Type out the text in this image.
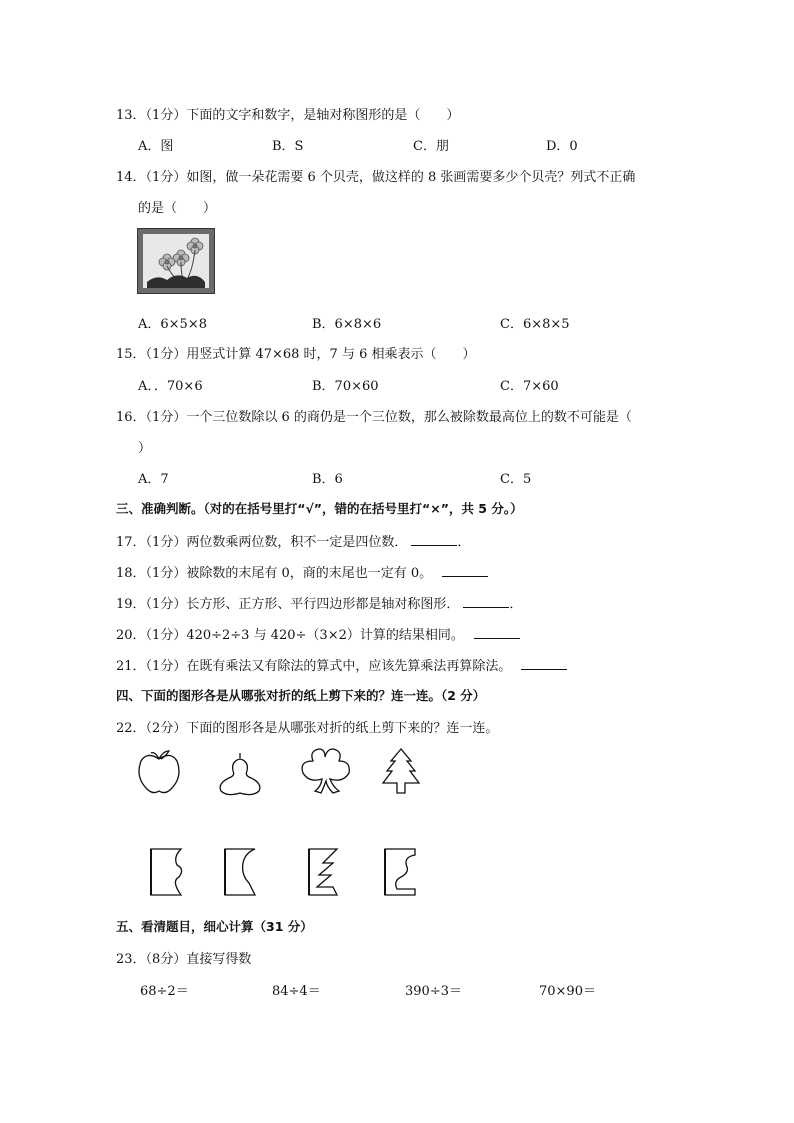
13．（1分）下面的文字和数字，是轴对称图形的是（　　）
A．图	B．S	C．朋	D．0
14．（1分）如图，做一朵花需要 6 个贝壳，做这样的 8 张画需要多少个贝壳？列式不正确
的是（　　）
A．6×5×8	B．6×8×6	C．6×8×5
15．（1分）用竖式计算 47×68 时，7 与 6 相乘表示（　　）
A．．70×6	B．70×60	C．7×60
16．（1分）一个三位数除以 6 的商仍是一个三位数，那么被除数最高位上的数不可能是（
）
A．7	B．6	C．5
三、准确判断。（对的在括号里打“√”，错的在括号里打“×”，共 5 分。）
17．（1分）两位数乘两位数，积不一定是四位数．	．
18．（1分）被除数的末尾有 0，商的末尾也一定有 0。
19．（1分）长方形、正方形、平行四边形都是轴对称图形．	．
20．（1分）420÷2÷3 与 420÷（3×2）计算的结果相同。
21．（1分）在既有乘法又有除法的算式中，应该先算乘法再算除法。
四、下面的图形各是从哪张对折的纸上剪下来的？连一连。（2 分）
22．（2分）下面的图形各是从哪张对折的纸上剪下来的？连一连。
五、看清题目，细心计算（31 分）
23．（8分）直接写得数
68÷2＝	84÷4＝	390÷3＝	70×90＝
